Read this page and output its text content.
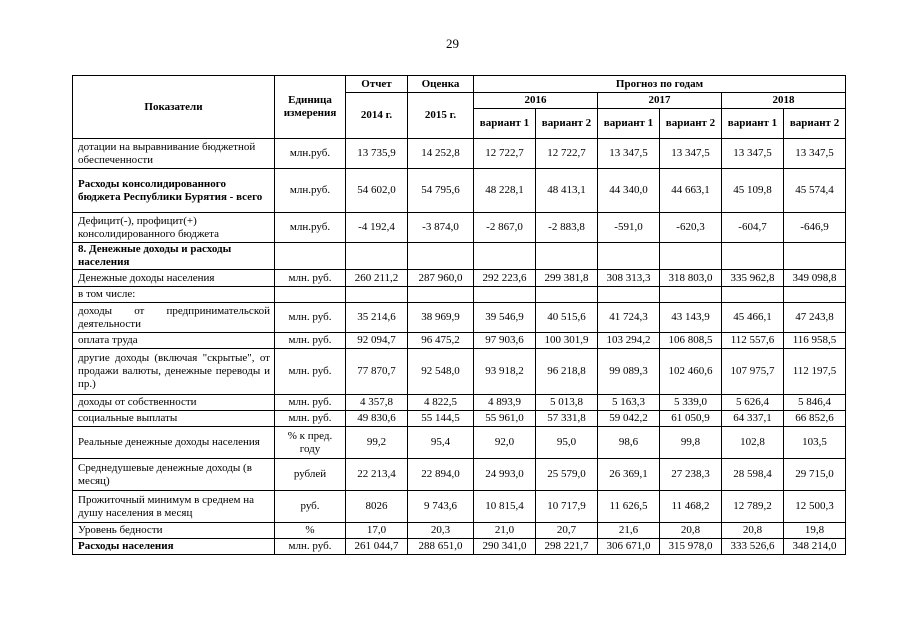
29
Показатели	Единица измерения	Отчет	Оценка	Прогноз по годам					
		2014 г.	2015 г.	2016		2017		2018	
				вариант 1	вариант 2	вариант 1	вариант 2	вариант 1	вариант 2
дотации на выравнивание бюджетной обеспеченности	млн.руб.	13 735,9	14 252,8	12 722,7	12 722,7	13 347,5	13 347,5	13 347,5	13 347,5
Расходы консолидированного бюджета Республики Бурятия - всего	млн.руб.	54 602,0	54 795,6	48 228,1	48 413,1	44 340,0	44 663,1	45 109,8	45 574,4
Дефицит(-), профицит(+) консолидированного бюджета	млн.руб.	-4 192,4	-3 874,0	-2 867,0	-2 883,8	-591,0	-620,3	-604,7	-646,9
8. Денежные доходы и расходы населения									
Денежные доходы населения	млн. руб.	260 211,2	287 960,0	292 223,6	299 381,8	308 313,3	318 803,0	335 962,8	349 098,8
в том числе:									
доходы от предпринимательской деятельности	млн. руб.	35 214,6	38 969,9	39 546,9	40 515,6	41 724,3	43 143,9	45 466,1	47 243,8
оплата труда	млн. руб.	92 094,7	96 475,2	97 903,6	100 301,9	103 294,2	106 808,5	112 557,6	116 958,5
другие доходы (включая "скрытые", от продажи валюты, денежные переводы и пр.)	млн. руб.	77 870,7	92 548,0	93 918,2	96 218,8	99 089,3	102 460,6	107 975,7	112 197,5
доходы от собственности	млн. руб.	4 357,8	4 822,5	4 893,9	5 013,8	5 163,3	5 339,0	5 626,4	5 846,4
социальные выплаты	млн. руб.	49 830,6	55 144,5	55 961,0	57 331,8	59 042,2	61 050,9	64 337,1	66 852,6
Реальные денежные доходы населения	% к пред. году	99,2	95,4	92,0	95,0	98,6	99,8	102,8	103,5
Среднедушевые денежные доходы (в месяц)	рублей	22 213,4	22 894,0	24 993,0	25 579,0	26 369,1	27 238,3	28 598,4	29 715,0
Прожиточный минимум в среднем на душу населения в месяц	руб.	8026	9 743,6	10 815,4	10 717,9	11 626,5	11 468,2	12 789,2	12 500,3
Уровень бедности	%	17,0	20,3	21,0	20,7	21,6	20,8	20,8	19,8
Расходы населения	млн. руб.	261 044,7	288 651,0	290 341,0	298 221,7	306 671,0	315 978,0	333 526,6	348 214,0
